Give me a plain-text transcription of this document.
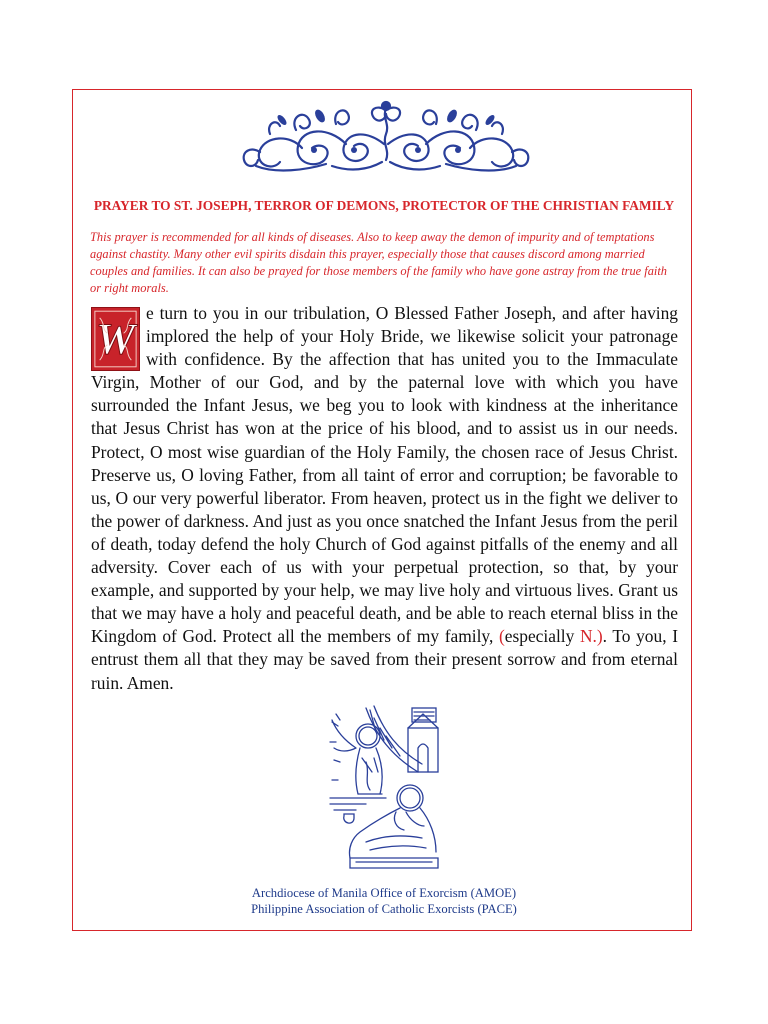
PRAYER TO ST. JOSEPH, TERROR OF DEMONS, PROTECTOR OF THE CHRISTIAN FAMILY

This prayer is recommended for all kinds of diseases. Also to keep away the demon of impurity and of temptations against chastity. Many other evil spirits disdain this prayer, especially those that causes discord among married couples and families. It can also be prayed for those members of the family who have gone astray from the true faith or right morals.

W
e turn to you in our tribulation, O Blessed Father Joseph, and after having implored the help of your Holy Bride, we likewise solicit your patronage with confidence. By the affection that has united you to the Immaculate Virgin, Mother of our God, and by the paternal love with which you have surrounded the Infant Jesus, we beg you to look with kindness at the inheritance that Jesus Christ has won at the price of his blood, and to assist us in our needs. Protect, O most wise guardian of the Holy Family, the chosen race of Jesus Christ. Preserve us, O loving Father, from all taint of error and corruption; be favorable to us, O our very powerful liberator. From heaven, protect us in the fight we deliver to the power of darkness. And just as you once snatched the Infant Jesus from the peril of death, today defend the holy Church of God against pitfalls of the enemy and all adversity. Cover each of us with your perpetual protection, so that, by your example, and supported by your help, we may live holy and virtuous lives. Grant us that we may have a holy and peaceful death, and be able to reach eternal bliss in the Kingdom of God. Protect all the members of my family, (especially N.). To you, I entrust them all that they may be saved from their present sorrow and from eternal ruin. Amen.
Archdiocese of Manila Office of Exorcism (AMOE)
Philippine Association of Catholic Exorcists (PACE)
